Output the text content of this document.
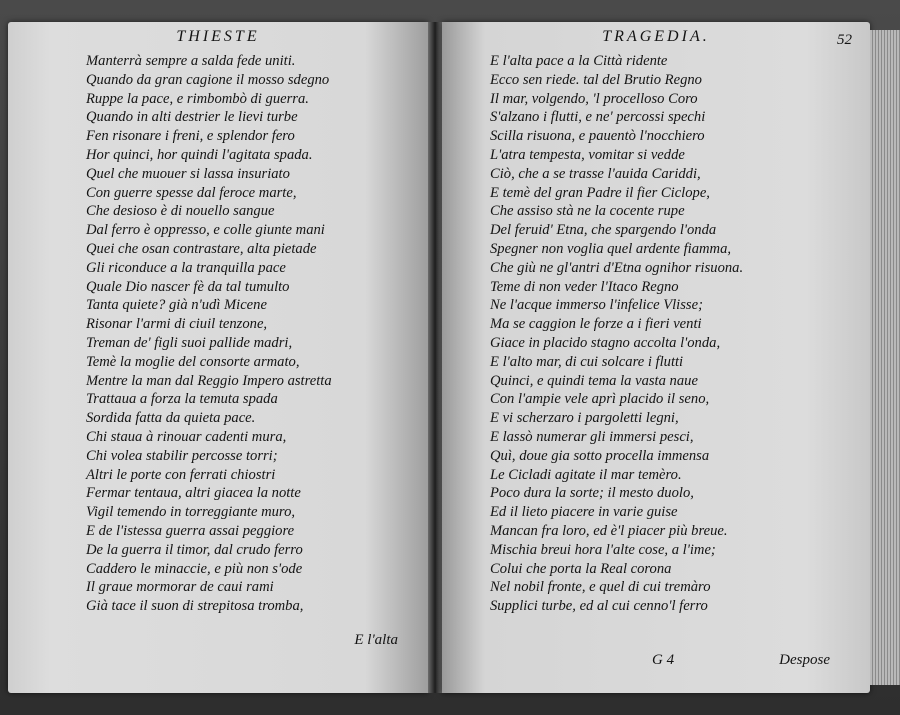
THIESTE
Manterrà sempre a salda fede uniti.
Quando da gran cagione il mosso sdegno
Ruppe la pace, e rimbombò di guerra.
Quando in alti destrier le lievi turbe
Fen risonare i freni, e splendor fero
Hor quinci, hor quindi l'agitata spada.
Quel che muouer si lassa insuriato
Con guerre spesse dal feroce marte,
Che desioso è di nouello sangue
Dal ferro è oppresso, e colle giunte mani
Quei che osan contrastare, alta pietade
Gli riconduce a la tranquilla pace
Quale Dio nascer fè da tal tumulto
Tanta quiete? già n'udì Micene
Risonar l'armi di ciuil tenzone,
Treman de' figli suoi pallide madri,
Temè la moglie del consorte armato,
Mentre la man dal Reggio Impero astretta
Trattaua a forza la temuta spada
Sordida fatta da quieta pace.
Chi staua à rinouar cadenti mura,
Chi volea stabilir percosse torri;
Altri le porte con ferrati chiostri
Fermar tentaua, altri giacea la notte
Vigil temendo in torreggiante muro,
E de l'istessa guerra assai peggiore
De la guerra il timor, dal crudo ferro
Caddero le minaccie, e più non s'ode
Il graue mormorar de caui rami
Già tace il suon di strepitosa tromba,
E l'alta
TRAGEDIA.	52
E l'alta pace a la Città ridente
Ecco sen riede. tal del Brutio Regno
Il mar, volgendo, 'l procelloso Coro
S'alzano i flutti, e ne' percossi spechi
Scilla risuona, e pauentò l'nocchiero
L'atra tempesta, vomitar si vedde
Ciò, che a se trasse l'auida Cariddi,
E temè del gran Padre il fier Ciclope,
Che assiso stà ne la cocente rupe
Del feruid' Etna, che spargendo l'onda
Spegner non voglia quel ardente fiamma,
Che giù ne gl'antri d'Etna ognihor risuona.
Teme di non veder l'Itaco Regno
Ne l'acque immerso l'infelice Vlisse;
Ma se caggion le forze a i fieri venti
Giace in placido stagno accolta l'onda,
E l'alto mar, di cui solcare i flutti
Quinci, e quindi tema la vasta naue
Con l'ampie vele aprì placido il seno,
E vi scherzaro i pargoletti legni,
E lassò numerar gli immersi pesci,
Quì, doue gia sotto procella immensa
Le Cicladi agitate il mar temèro.
Poco dura la sorte; il mesto duolo,
Ed il lieto piacere in varie guise
Mancan fra loro, ed è'l piacer più breue.
Mischia breui hora l'alte cose, a l'ime;
Colui che porta la Real corona
Nel nobil fronte, e quel di cui tremàro
Supplici turbe, ed al cui cenno'l ferro
G 4	Despose
